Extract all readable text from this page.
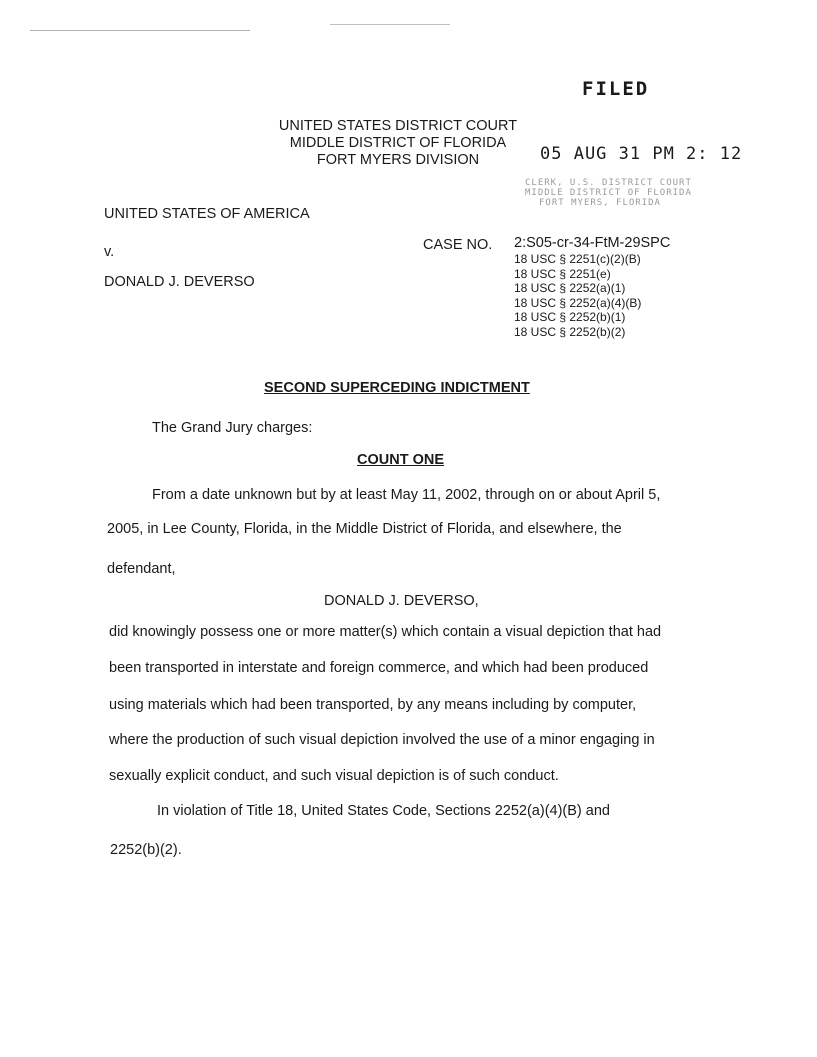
FILED
UNITED STATES DISTRICT COURT
MIDDLE DISTRICT OF FLORIDA
FORT MYERS DIVISION	05 AUG 31 PM 2: 12
CLERK, U.S. DISTRICT COURT
MIDDLE DISTRICT OF FLORIDA
FORT MYERS, FLORIDA
UNITED STATES OF AMERICA
v.
DONALD J. DEVERSO
CASE NO. 2:S05-cr-34-FtM-29SPC
18 USC § 2251(c)(2)(B)
18 USC § 2251(e)
18 USC § 2252(a)(1)
18 USC § 2252(a)(4)(B)
18 USC § 2252(b)(1)
18 USC § 2252(b)(2)
SECOND SUPERCEDING INDICTMENT
The Grand Jury charges:
COUNT ONE
From a date unknown but by at least May 11, 2002, through on or about April 5,
2005, in Lee County, Florida, in the Middle District of Florida, and elsewhere, the
defendant,
DONALD J. DEVERSO,
did knowingly possess one or more matter(s) which contain a visual depiction that had
been transported in interstate and foreign commerce, and which had been produced
using materials which had been transported, by any means including by computer,
where the production of such visual depiction involved the use of a minor engaging in
sexually explicit conduct, and such visual depiction is of such conduct.
In violation of Title 18, United States Code, Sections 2252(a)(4)(B) and
2252(b)(2).
